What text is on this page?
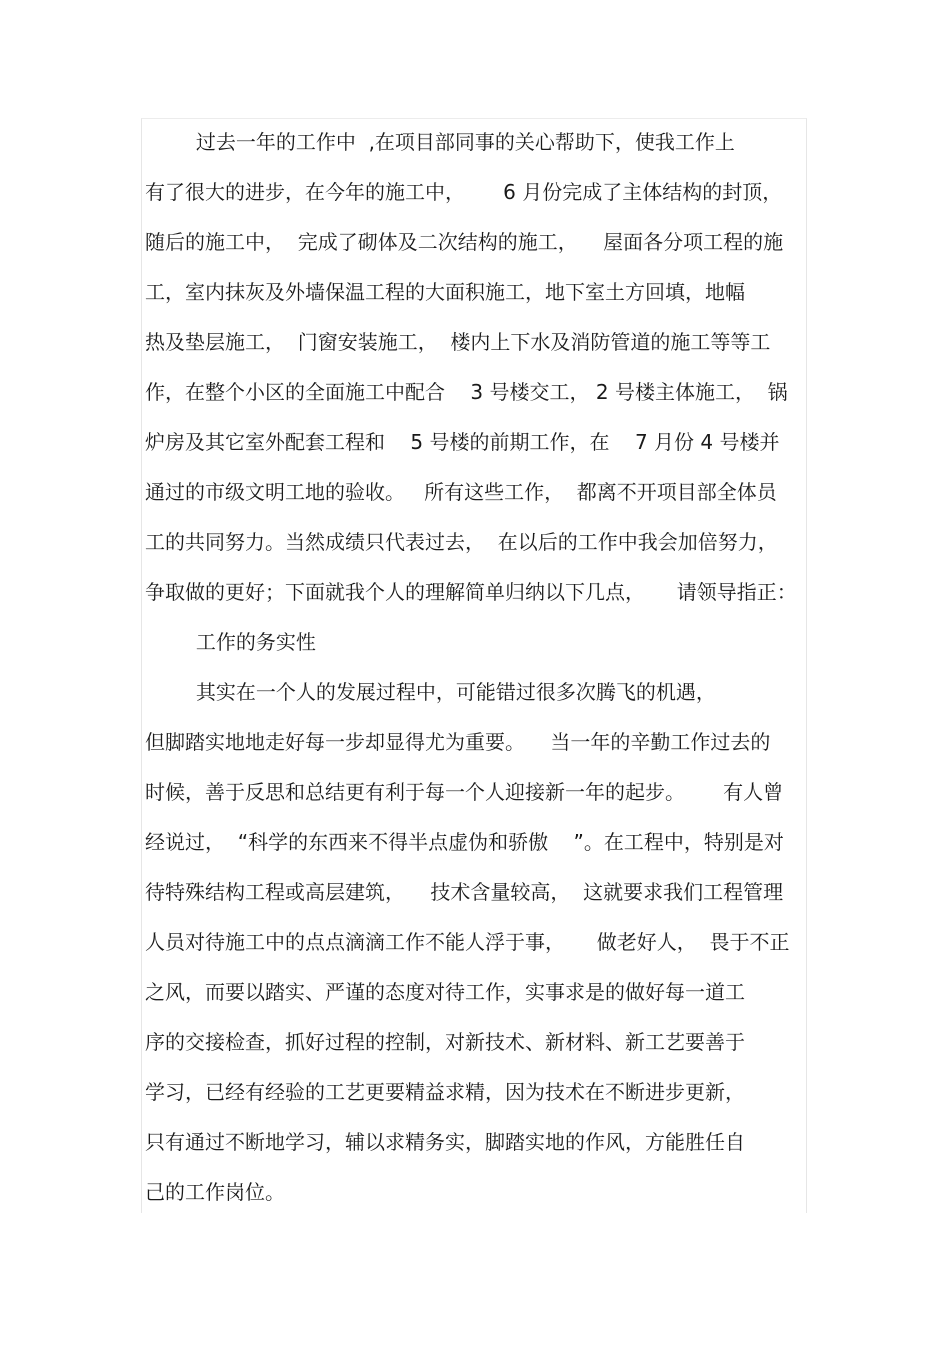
过去一年的工作中  ,在项目部同事的关心帮助下，使我工作上
有了很大的进步，在今年的施工中，      6 月份完成了主体结构的封顶，
随后的施工中，  完成了砌体及二次结构的施工，    屋面各分项工程的施
工，室内抹灰及外墙保温工程的大面积施工，地下室土方回填，地幅
热及垫层施工，  门窗安装施工，  楼内上下水及消防管道的施工等等工
作，在整个小区的全面施工中配合    3 号楼交工， 2 号楼主体施工，  锅
炉房及其它室外配套工程和    5 号楼的前期工作，在    7 月份 4 号楼并
通过的市级文明工地的验收。   所有这些工作，  都离不开项目部全体员
工的共同努力。当然成绩只代表过去，  在以后的工作中我会加倍努力，
争取做的更好；下面就我个人的理解简单归纳以下几点，     请领导指正：
工作的务实性
其实在一个人的发展过程中，可能错过很多次腾飞的机遇，
但脚踏实地地走好每一步却显得尤为重要。    当一年的辛勤工作过去的
时候，善于反思和总结更有利于每一个人迎接新一年的起步。      有人曾
经说过，  “科学的东西来不得半点虚伪和骄傲    ”。在工程中，特别是对
待特殊结构工程或高层建筑，    技术含量较高，  这就要求我们工程管理
人员对待施工中的点点滴滴工作不能人浮于事，     做老好人，  畏于不正
之风，而要以踏实、严谨的态度对待工作，实事求是的做好每一道工
序的交接检查，抓好过程的控制，对新技术、新材料、新工艺要善于
学习，已经有经验的工艺更要精益求精，因为技术在不断进步更新，
只有通过不断地学习，辅以求精务实，脚踏实地的作风，方能胜任自
己的工作岗位。
